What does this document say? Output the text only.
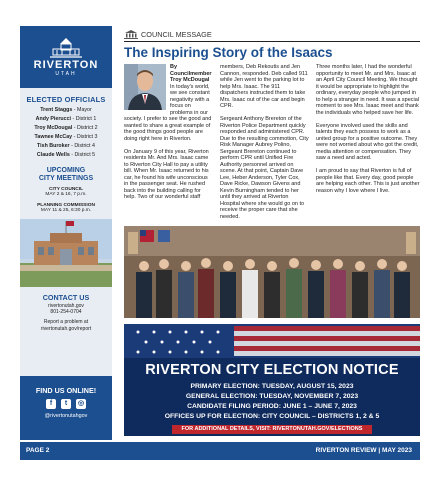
RIVERTON
UTAH
ELECTED OFFICIALS
Trent Staggs - Mayor
Andy Pierucci - District 1
Troy McDougal - District 2
Tawnee McCay - District 3
Tish Buroker - District 4
Claude Wells - District 5
UPCOMING
CITY MEETINGS
CITY COUNCIL
MAY 2 & 16, 7 p.m.
PLANNING COMMISSION
MAY 11 & 25, 6:30 p.m.
CONTACT US
rivertonutah.gov
801-254-0704
Report a problem at
rivertonutah.gov/report
FIND US ONLINE!
f	t	◎
@rivertonutahgov
COUNCIL MESSAGE
The Inspiring Story of the Isaacs
By
Councilmember
Troy McDougal

In today's world, we see constant negativity with a focus on problems in our society. I prefer to see the good and wanted to share a great example of the good things good people are doing right here in Riverton.

On January 9 of this year, Riverton residents Mr. And Mrs. Isaac came to Riverton City Hall to pay a utility bill. When Mr. Isaac returned to his car, he found his wife unconscious in the passenger seat. He rushed back into the building calling for help. Two of our wonderful staff

members, Deb Rekoutis and Jen Cannon, responded. Deb called 911 while Jen went to the parking lot to help Mrs. Isaac. The 911 dispatchers instructed them to take Mrs. Isaac out of the car and begin CPR.

Sergeant Anthony Brereton of the Riverton Police Department quickly responded and administered CPR. Due to the resulting commotion, City Risk Manager Aubrey Polino, Sergeant Brereton continued to perform CPR until Unified Fire Authority personnel arrived on scene. At that point, Captain Dave Lee, Heber Anderson, Tyler Cox, Dave Ricke, Dawson Givens and Kevin Burningham tended to her until they arrived at Riverton Hospital where she would go on to receive the proper care that she needed.

Three months later, I had the wonderful opportunity to meet Mr. and Mrs. Isaac at an April City Council Meeting. We thought it would be appropriate to highlight the ordinary, everyday people who jumped in to help a stranger in need. It was a special moment to see Mrs. Isaac meet and thank the individuals who helped save her life.

Everyone involved used the skills and talents they each possess to work as a united group for a positive outcome. They were not worried about who got the credit, media attention or compensation. They saw a need and acted.

I am proud to say that Riverton is full of people like that. Every day, good people are helping each other. This is just another reason why I love where I live.

RIVERTON CITY ELECTION NOTICE
PRIMARY ELECTION: TUESDAY, AUGUST 15, 2023
GENERAL ELECTION: TUESDAY, NOVEMBER 7, 2023
CANDIDATE FILING PERIOD: JUNE 1 – JUNE 7, 2023
OFFICES UP FOR ELECTION: CITY COUNCIL – DISTRICTS 1, 2 & 5
FOR ADDITIONAL DETAILS, VISIT: RIVERTONUTAH.GOV/ELECTIONS
PAGE 2	RIVERTON REVIEW | MAY 2023
